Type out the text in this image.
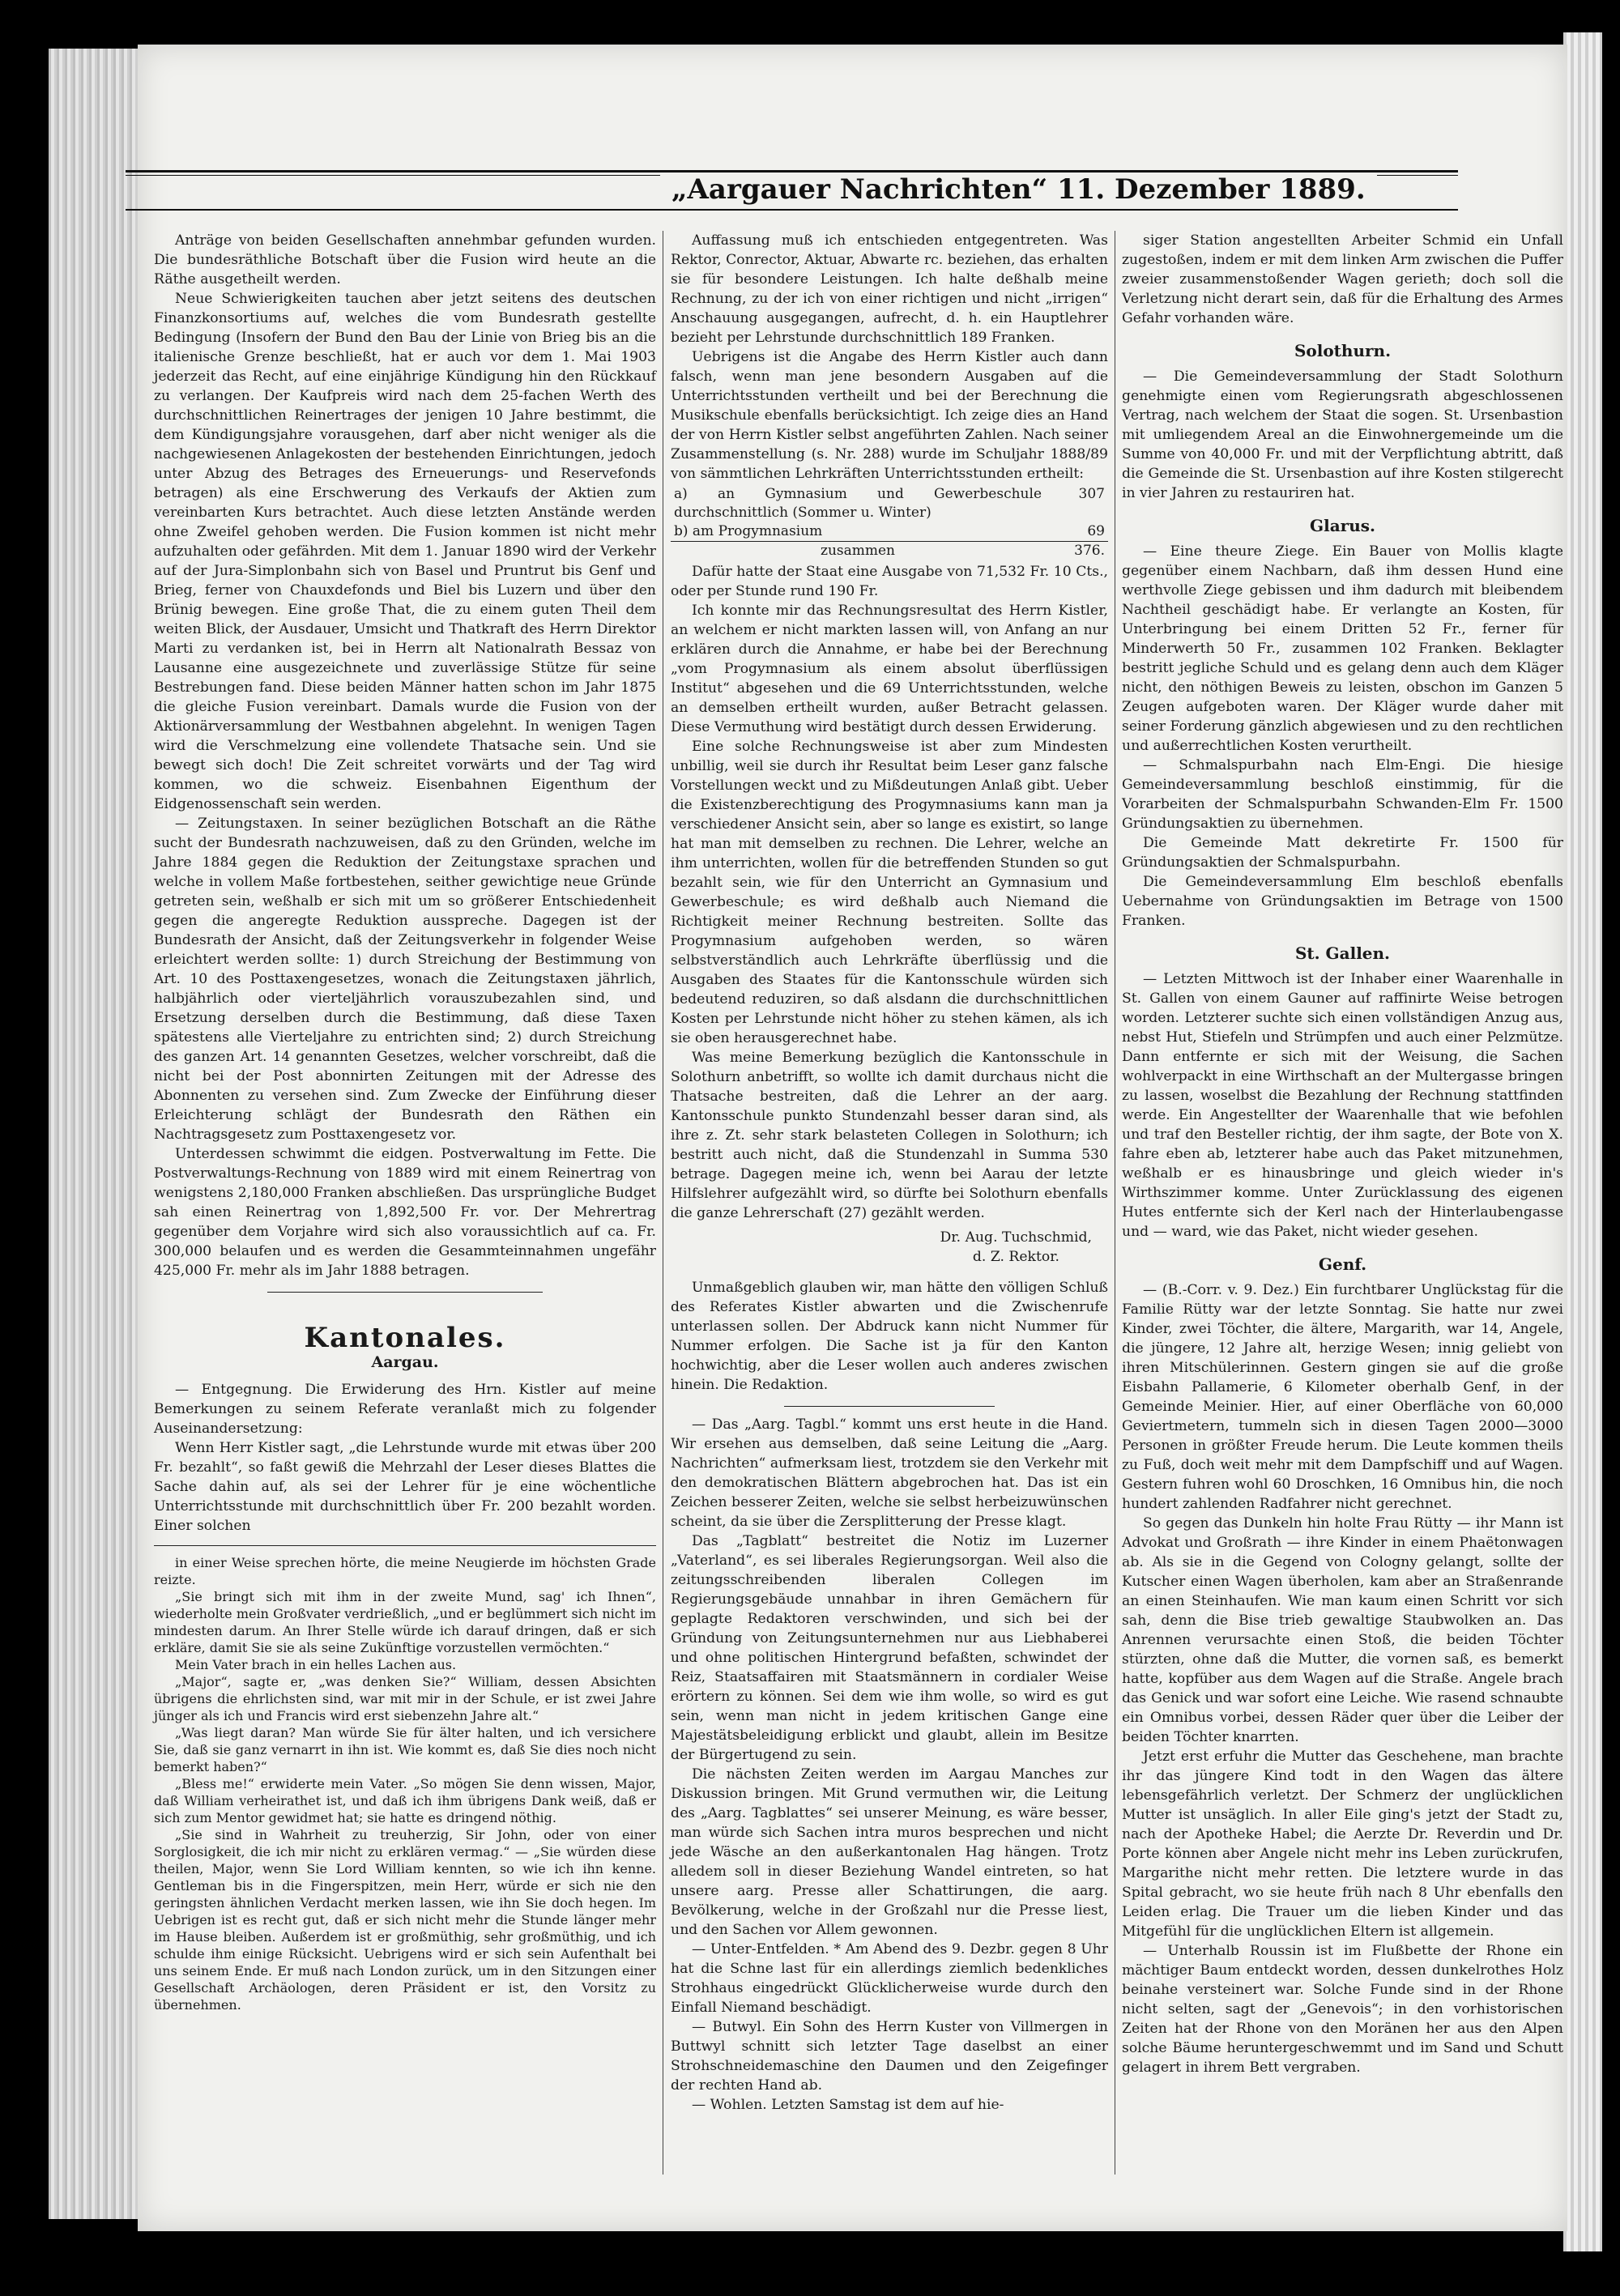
„Aargauer Nachrichten“ 11. Dezember 1889.

Anträge von beiden Gesellschaften annehmbar gefunden wurden. Die bundesräthliche Botschaft über die Fusion wird heute an die Räthe ausgetheilt werden.

Neue Schwierigkeiten tauchen aber jetzt seitens des deutschen Finanzkonsortiums auf, welches die vom Bundesrath gestellte Bedingung (Insofern der Bund den Bau der Linie von Brieg bis an die italienische Grenze beschließt, hat er auch vor dem 1. Mai 1903 jederzeit das Recht, auf eine einjährige Kündigung hin den Rückkauf zu verlangen. Der Kaufpreis wird nach dem 25-fachen Werth des durchschnittlichen Reinertrages der jenigen 10 Jahre bestimmt, die dem Kündigungsjahre vorausgehen, darf aber nicht weniger als die nachgewiesenen Anlagekosten der bestehenden Einrichtungen, jedoch unter Abzug des Betrages des Erneuerungs- und Reservefonds betragen) als eine Erschwerung des Verkaufs der Aktien zum vereinbarten Kurs betrachtet. Auch diese letzten Anstände werden ohne Zweifel gehoben werden. Die Fusion kommen ist nicht mehr aufzuhalten oder gefährden. Mit dem 1. Januar 1890 wird der Verkehr auf der Jura-Simplonbahn sich von Basel und Pruntrut bis Genf und Brieg, ferner von Chauxdefonds und Biel bis Luzern und über den Brünig bewegen. Eine große That, die zu einem guten Theil dem weiten Blick, der Ausdauer, Umsicht und Thatkraft des Herrn Direktor Marti zu verdanken ist, bei in Herrn alt Nationalrath Bessaz von Lausanne eine ausgezeichnete und zuverlässige Stütze für seine Bestrebungen fand. Diese beiden Männer hatten schon im Jahr 1875 die gleiche Fusion vereinbart. Damals wurde die Fusion von der Aktionärversammlung der Westbahnen abgelehnt. In wenigen Tagen wird die Verschmelzung eine vollendete Thatsache sein. Und sie bewegt sich doch! Die Zeit schreitet vorwärts und der Tag wird kommen, wo die schweiz. Eisenbahnen Eigenthum der Eidgenossenschaft sein werden.

— Zeitungstaxen. In seiner bezüglichen Botschaft an die Räthe sucht der Bundesrath nachzuweisen, daß zu den Gründen, welche im Jahre 1884 gegen die Reduktion der Zeitungstaxe sprachen und welche in vollem Maße fortbestehen, seither gewichtige neue Gründe getreten sein, weßhalb er sich mit um so größerer Entschiedenheit gegen die angeregte Reduktion ausspreche. Dagegen ist der Bundesrath der Ansicht, daß der Zeitungsverkehr in folgender Weise erleichtert werden sollte: 1) durch Streichung der Bestimmung von Art. 10 des Posttaxengesetzes, wonach die Zeitungstaxen jährlich, halbjährlich oder vierteljährlich vorauszubezahlen sind, und Ersetzung derselben durch die Bestimmung, daß diese Taxen spätestens alle Vierteljahre zu entrichten sind; 2) durch Streichung des ganzen Art. 14 genannten Gesetzes, welcher vorschreibt, daß die nicht bei der Post abonnirten Zeitungen mit der Adresse des Abonnenten zu versehen sind. Zum Zwecke der Einführung dieser Erleichterung schlägt der Bundesrath den Räthen ein Nachtragsgesetz zum Posttaxengesetz vor.

Unterdessen schwimmt die eidgen. Postverwaltung im Fette. Die Postverwaltungs-Rechnung von 1889 wird mit einem Reinertrag von wenigstens 2,180,000 Franken abschließen. Das ursprüngliche Budget sah einen Reinertrag von 1,892,500 Fr. vor. Der Mehrertrag gegenüber dem Vorjahre wird sich also voraussichtlich auf ca. Fr. 300,000 belaufen und es werden die Gesammteinnahmen ungefähr 425,000 Fr. mehr als im Jahr 1888 betragen.

Kantonales.

Aargau.

— Entgegnung. Die Erwiderung des Hrn. Kistler auf meine Bemerkungen zu seinem Referate veranlaßt mich zu folgender Auseinandersetzung:

Wenn Herr Kistler sagt, „die Lehrstunde wurde mit etwas über 200 Fr. bezahlt“, so faßt gewiß die Mehrzahl der Leser dieses Blattes die Sache dahin auf, als sei der Lehrer für je eine wöchentliche Unterrichtsstunde mit durchschnittlich über Fr. 200 bezahlt worden. Einer solchen

in einer Weise sprechen hörte, die meine Neugierde im höchsten Grade reizte.

„Sie bringt sich mit ihm in der zweite Mund, sag' ich Ihnen“, wiederholte mein Großvater verdrießlich, „und er beglümmert sich nicht im mindesten darum. An Ihrer Stelle würde ich darauf dringen, daß er sich erkläre, damit Sie sie als seine Zukünftige vorzustellen vermöchten.“

Mein Vater brach in ein helles Lachen aus.

„Major“, sagte er, „was denken Sie?“ William, dessen Absichten übrigens die ehrlichsten sind, war mit mir in der Schule, er ist zwei Jahre jünger als ich und Francis wird erst siebenzehn Jahre alt.“

„Was liegt daran? Man würde Sie für älter halten, und ich versichere Sie, daß sie ganz vernarrt in ihn ist. Wie kommt es, daß Sie dies noch nicht bemerkt haben?“

„Bless me!“ erwiderte mein Vater. „So mögen Sie denn wissen, Major, daß William verheirathet ist, und daß ich ihm übrigens Dank weiß, daß er sich zum Mentor gewidmet hat; sie hatte es dringend nöthig.

„Sie sind in Wahrheit zu treuherzig, Sir John, oder von einer Sorglosigkeit, die ich mir nicht zu erklären vermag.“ — „Sie würden diese theilen, Major, wenn Sie Lord William kennten, so wie ich ihn kenne. Gentleman bis in die Fingerspitzen, mein Herr, würde er sich nie den geringsten ähnlichen Verdacht merken lassen, wie ihn Sie doch hegen. Im Uebrigen ist es recht gut, daß er sich nicht mehr die Stunde länger mehr im Hause bleiben. Außerdem ist er großmüthig, sehr großmüthig, und ich schulde ihm einige Rücksicht. Uebrigens wird er sich sein Aufenthalt bei uns seinem Ende. Er muß nach London zurück, um in den Sitzungen einer Gesellschaft Archäologen, deren Präsident er ist, den Vorsitz zu übernehmen.

Auffassung muß ich entschieden entgegentreten. Was Rektor, Conrector, Aktuar, Abwarte rc. beziehen, das erhalten sie für besondere Leistungen. Ich halte deßhalb meine Rechnung, zu der ich von einer richtigen und nicht „irrigen“ Anschauung ausgegangen, aufrecht, d. h. ein Hauptlehrer bezieht per Lehrstunde durchschnittlich 189 Franken.

Uebrigens ist die Angabe des Herrn Kistler auch dann falsch, wenn man jene besondern Ausgaben auf die Unterrichtsstunden vertheilt und bei der Berechnung die Musikschule ebenfalls berücksichtigt. Ich zeige dies an Hand der von Herrn Kistler selbst angeführten Zahlen. Nach seiner Zusammenstellung (s. Nr. 288) wurde im Schuljahr 1888/89 von sämmtlichen Lehrkräften Unterrichtsstunden ertheilt:

a) an Gymnasium und Gewerbeschule durchschnittlich (Sommer u. Winter)	307
b) am Progymnasium	69
zusammen	376.

Dafür hatte der Staat eine Ausgabe von 71,532 Fr. 10 Cts., oder per Stunde rund 190 Fr.

Ich konnte mir das Rechnungsresultat des Herrn Kistler, an welchem er nicht markten lassen will, von Anfang an nur erklären durch die Annahme, er habe bei der Berechnung „vom Progymnasium als einem absolut überflüssigen Institut“ abgesehen und die 69 Unterrichtsstunden, welche an demselben ertheilt wurden, außer Betracht gelassen. Diese Vermuthung wird bestätigt durch dessen Erwiderung.

Eine solche Rechnungsweise ist aber zum Mindesten unbillig, weil sie durch ihr Resultat beim Leser ganz falsche Vorstellungen weckt und zu Mißdeutungen Anlaß gibt. Ueber die Existenzberechtigung des Progymnasiums kann man ja verschiedener Ansicht sein, aber so lange es existirt, so lange hat man mit demselben zu rechnen. Die Lehrer, welche an ihm unterrichten, wollen für die betreffenden Stunden so gut bezahlt sein, wie für den Unterricht an Gymnasium und Gewerbeschule; es wird deßhalb auch Niemand die Richtigkeit meiner Rechnung bestreiten. Sollte das Progymnasium aufgehoben werden, so wären selbstverständlich auch Lehrkräfte überflüssig und die Ausgaben des Staates für die Kantonsschule würden sich bedeutend reduziren, so daß alsdann die durchschnittlichen Kosten per Lehrstunde nicht höher zu stehen kämen, als ich sie oben herausgerechnet habe.

Was meine Bemerkung bezüglich die Kantonsschule in Solothurn anbetrifft, so wollte ich damit durchaus nicht die Thatsache bestreiten, daß die Lehrer an der aarg. Kantonsschule punkto Stundenzahl besser daran sind, als ihre z. Zt. sehr stark belasteten Collegen in Solothurn; ich bestritt auch nicht, daß die Stundenzahl in Summa 530 betrage. Dagegen meine ich, wenn bei Aarau der letzte Hilfslehrer aufgezählt wird, so dürfte bei Solothurn ebenfalls die ganze Lehrerschaft (27) gezählt werden.

Dr. Aug. Tuchschmid,

d. Z. Rektor.

Unmaßgeblich glauben wir, man hätte den völligen Schluß des Referates Kistler abwarten und die Zwischenrufe unterlassen sollen. Der Abdruck kann nicht Nummer für Nummer erfolgen. Die Sache ist ja für den Kanton hochwichtig, aber die Leser wollen auch anderes zwischen hinein. Die Redaktion.

— Das „Aarg. Tagbl.“ kommt uns erst heute in die Hand. Wir ersehen aus demselben, daß seine Leitung die „Aarg. Nachrichten“ aufmerksam liest, trotzdem sie den Verkehr mit den demokratischen Blättern abgebrochen hat. Das ist ein Zeichen besserer Zeiten, welche sie selbst herbeizuwünschen scheint, da sie über die Zersplitterung der Presse klagt.

Das „Tagblatt“ bestreitet die Notiz im Luzerner „Vaterland“, es sei liberales Regierungsorgan. Weil also die zeitungsschreibenden liberalen Collegen im Regierungsgebäude unnahbar in ihren Gemächern für geplagte Redaktoren verschwinden, und sich bei der Gründung von Zeitungsunternehmen nur aus Liebhaberei und ohne politischen Hintergrund befaßten, schwindet der Reiz, Staatsaffairen mit Staatsmännern in cordialer Weise erörtern zu können. Sei dem wie ihm wolle, so wird es gut sein, wenn man nicht in jedem kritischen Gange eine Majestätsbeleidigung erblickt und glaubt, allein im Besitze der Bürgertugend zu sein.

Die nächsten Zeiten werden im Aargau Manches zur Diskussion bringen. Mit Grund vermuthen wir, die Leitung des „Aarg. Tagblattes“ sei unserer Meinung, es wäre besser, man würde sich Sachen intra muros besprechen und nicht jede Wäsche an den außerkantonalen Hag hängen. Trotz alledem soll in dieser Beziehung Wandel eintreten, so hat unsere aarg. Presse aller Schattirungen, die aarg. Bevölkerung, welche in der Großzahl nur die Presse liest, und den Sachen vor Allem gewonnen.

— Unter-Entfelden. * Am Abend des 9. Dezbr. gegen 8 Uhr hat die Schne last für ein allerdings ziemlich bedenkliches Strohhaus eingedrückt Glücklicherweise wurde durch den Einfall Niemand beschädigt.

— Butwyl. Ein Sohn des Herrn Kuster von Villmergen in Buttwyl schnitt sich letzter Tage daselbst an einer Strohschneidemaschine den Daumen und den Zeigefinger der rechten Hand ab.

— Wohlen. Letzten Samstag ist dem auf hie-

siger Station angestellten Arbeiter Schmid ein Unfall zugestoßen, indem er mit dem linken Arm zwischen die Puffer zweier zusammenstoßender Wagen gerieth; doch soll die Verletzung nicht derart sein, daß für die Erhaltung des Armes Gefahr vorhanden wäre.

Solothurn.

— Die Gemeindeversammlung der Stadt Solothurn genehmigte einen vom Regierungsrath abgeschlossenen Vertrag, nach welchem der Staat die sogen. St. Ursenbastion mit umliegendem Areal an die Einwohnergemeinde um die Summe von 40,000 Fr. und mit der Verpflichtung abtritt, daß die Gemeinde die St. Ursenbastion auf ihre Kosten stilgerecht in vier Jahren zu restauriren hat.

Glarus.

— Eine theure Ziege. Ein Bauer von Mollis klagte gegenüber einem Nachbarn, daß ihm dessen Hund eine werthvolle Ziege gebissen und ihm dadurch mit bleibendem Nachtheil geschädigt habe. Er verlangte an Kosten, für Unterbringung bei einem Dritten 52 Fr., ferner für Minderwerth 50 Fr., zusammen 102 Franken. Beklagter bestritt jegliche Schuld und es gelang denn auch dem Kläger nicht, den nöthigen Beweis zu leisten, obschon im Ganzen 5 Zeugen aufgeboten waren. Der Kläger wurde daher mit seiner Forderung gänzlich abgewiesen und zu den rechtlichen und außerrechtlichen Kosten verurtheilt.

— Schmalspurbahn nach Elm-Engi. Die hiesige Gemeindeversammlung beschloß einstimmig, für die Vorarbeiten der Schmalspurbahn Schwanden-Elm Fr. 1500 Gründungsaktien zu übernehmen.

Die Gemeinde Matt dekretirte Fr. 1500 für Gründungsaktien der Schmalspurbahn.

Die Gemeindeversammlung Elm beschloß ebenfalls Uebernahme von Gründungsaktien im Betrage von 1500 Franken.

St. Gallen.

— Letzten Mittwoch ist der Inhaber einer Waarenhalle in St. Gallen von einem Gauner auf raffinirte Weise betrogen worden. Letzterer suchte sich einen vollständigen Anzug aus, nebst Hut, Stiefeln und Strümpfen und auch einer Pelzmütze. Dann entfernte er sich mit der Weisung, die Sachen wohlverpackt in eine Wirthschaft an der Multergasse bringen zu lassen, woselbst die Bezahlung der Rechnung stattfinden werde. Ein Angestellter der Waarenhalle that wie befohlen und traf den Besteller richtig, der ihm sagte, der Bote von X. fahre eben ab, letzterer habe auch das Paket mitzunehmen, weßhalb er es hinausbringe und gleich wieder in's Wirthszimmer komme. Unter Zurücklassung des eigenen Hutes entfernte sich der Kerl nach der Hinterlaubengasse und — ward, wie das Paket, nicht wieder gesehen.

Genf.

— (B.-Corr. v. 9. Dez.) Ein furchtbarer Unglückstag für die Familie Rütty war der letzte Sonntag. Sie hatte nur zwei Kinder, zwei Töchter, die ältere, Margarith, war 14, Angele, die jüngere, 12 Jahre alt, herzige Wesen; innig geliebt von ihren Mitschülerinnen. Gestern gingen sie auf die große Eisbahn Pallamerie, 6 Kilometer oberhalb Genf, in der Gemeinde Meinier. Hier, auf einer Oberfläche von 60,000 Geviertmetern, tummeln sich in diesen Tagen 2000—3000 Personen in größter Freude herum. Die Leute kommen theils zu Fuß, doch weit mehr mit dem Dampfschiff und auf Wagen. Gestern fuhren wohl 60 Droschken, 16 Omnibus hin, die noch hundert zahlenden Radfahrer nicht gerechnet.

So gegen das Dunkeln hin holte Frau Rütty — ihr Mann ist Advokat und Großrath — ihre Kinder in einem Phaëtonwagen ab. Als sie in die Gegend von Cologny gelangt, sollte der Kutscher einen Wagen überholen, kam aber an Straßenrande an einen Steinhaufen. Wie man kaum einen Schritt vor sich sah, denn die Bise trieb gewaltige Staubwolken an. Das Anrennen verursachte einen Stoß, die beiden Töchter stürzten, ohne daß die Mutter, die vornen saß, es bemerkt hatte, kopfüber aus dem Wagen auf die Straße. Angele brach das Genick und war sofort eine Leiche. Wie rasend schnaubte ein Omnibus vorbei, dessen Räder quer über die Leiber der beiden Töchter knarrten.

Jetzt erst erfuhr die Mutter das Geschehene, man brachte ihr das jüngere Kind todt in den Wagen das ältere lebensgefährlich verletzt. Der Schmerz der unglücklichen Mutter ist unsäglich. In aller Eile ging's jetzt der Stadt zu, nach der Apotheke Habel; die Aerzte Dr. Reverdin und Dr. Porte können aber Angele nicht mehr ins Leben zurückrufen, Margarithe nicht mehr retten. Die letztere wurde in das Spital gebracht, wo sie heute früh nach 8 Uhr ebenfalls den Leiden erlag. Die Trauer um die lieben Kinder und das Mitgefühl für die unglücklichen Eltern ist allgemein.

— Unterhalb Roussin ist im Flußbette der Rhone ein mächtiger Baum entdeckt worden, dessen dunkelrothes Holz beinahe versteinert war. Solche Funde sind in der Rhone nicht selten, sagt der „Genevois“; in den vorhistorischen Zeiten hat der Rhone von den Moränen her aus den Alpen solche Bäume heruntergeschwemmt und im Sand und Schutt gelagert in ihrem Bett vergraben.
